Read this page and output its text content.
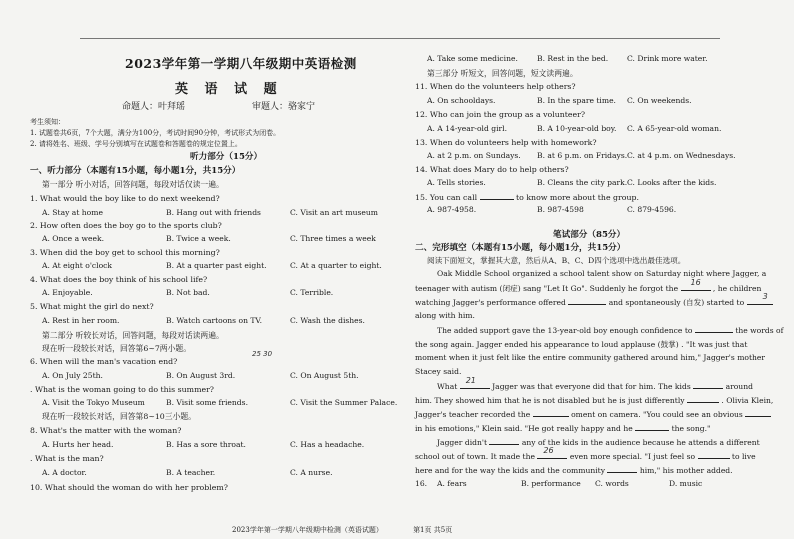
2023学年第一学期八年级期中英语检测
英 语 试 题
命题人：叶拜瑶	审题人：骆家宁
考生须知：
1. 试题卷共6页，7个大题，满分为100分，考试时间90分钟，考试形式为闭卷。
2. 请将姓名、班级、学号分别填写在试题卷和答题卷的规定位置上。
听力部分（15分）
一、听力部分（本题有15小题，每小题1分，共15分）
第一部分 听小对话，回答问题，每段对话仅读一遍。
1. What would the boy like to do next weekend?
A. Stay at home	B. Hang out with friends	C. Visit an art museum
2. How often does the boy go to the sports club?
A. Once a week.	B. Twice a week.	C. Three times a week
3. When did the boy get to school this morning?
A. At eight o'clock	B. At a quarter past eight.	C. At a quarter to eight.
4. What does the boy think of his school life?
A. Enjoyable.	B. Not bad.	C. Terrible.
5. What might the girl do next?
A. Rest in her room.	B. Watch cartoons on TV.	C. Wash the dishes.
第二部分 听较长对话，回答问题，每段对话读两遍。
现在听一段较长对话，回答第6~7两小题。
25 30
6. When will the man's vacation end?
A. On July 25th.	B. On August 3rd.	C. On August 5th.
. What is the woman going to do this summer?
A. Visit the Tokyo Museum	B. Visit some friends.	C. Visit the Summer Palace.
现在听一段较长对话，回答第8~10三小题。
8. What's the matter with the woman?
A. Hurts her head.	B. Has a sore throat.	C. Has a headache.
. What is the man?
A. A doctor.	B. A teacher.	C. A nurse.
10. What should the woman do with her problem?
A. Take some medicine.	B. Rest in the bed. C. Drink more water.
第三部分 听短文，回答问题，短文读两遍。
11. When do the volunteers help others?
A. On schooldays.	B. In the spare time. C. On weekends.
12. Who can join the group as a volunteer?
A. A 14-year-old girl.	B. A 10-year-old boy. C. A 65-year-old woman.
13. When do volunteers help with homework?
A. at 2 p.m. on Sundays. B. at 6 p.m. on Fridays. C. at 4 p.m. on Wednesdays.
14. What does Mary do to help others?
A. Tells stories.	B. Cleans the city park. C. Looks after the kids.
15. You can call	to know more about the group.
A. 987-4958.	B. 987-4598	C. 879-4596.
笔试部分（85分）
二、完形填空（本题有15小题，每小题1分，共15分）
阅读下面短文，掌握其大意，然后从A、B、C、D四个选项中选出最佳选项。
Oak Middle School organized a school talent show on Saturday night where Jagger, a
teenager with autism (闭症) sang "Let It Go". Suddenly he forgot the
16
, he children
watching Jagger's performance offered	and spontaneously (自发) started to
3
along with him.
The added support gave the 13-year-old boy enough confidence to	the words of
the song again. Jagger ended his appearance to loud applause (鼓掌) . "It was just that
moment when it just felt like the entire community gathered around him," Jagger's mother
Stacey said.
What
21
Jagger was that everyone did that for him. The kids	around
him. They showed him that he is not disabled but he is just differently	. Olivia Klein,
Jagger's teacher recorded the	oment on camera. "You could see an obvious
in his emotions," Klein said. "He got really happy and he	the song."
Jagger didn't	any of the kids in the audience because he attends a different
school out of town. It made the
26
even more special. "I just feel so	to live
here and for the way the kids and the community	him," his mother added.
16. A. fears	B. performance C. words	D. music
2023学年第一学期八年级期中检测（英语试题）	第1页 共5页
